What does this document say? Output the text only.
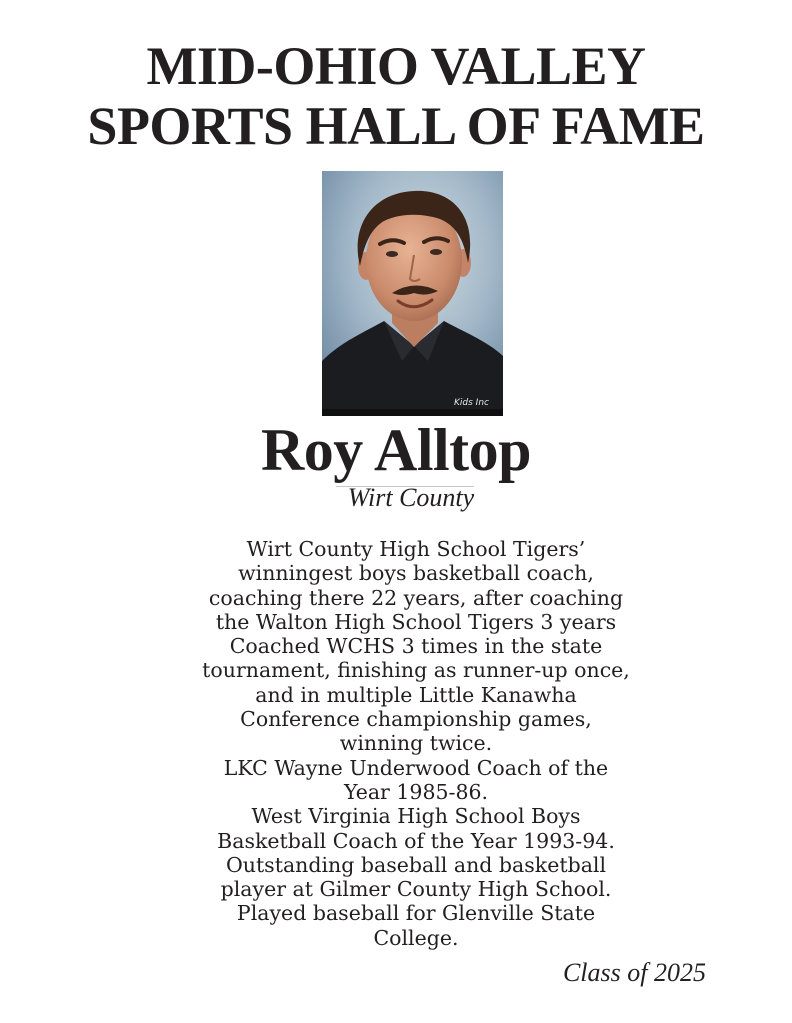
MID-OHIO VALLEY
SPORTS HALL OF FAME
Kids Inc
Roy Alltop
Wirt County
Wirt County High School Tigers’
winningest boys basketball coach,
coaching there 22 years, after coaching
the Walton High School Tigers 3 years
Coached WCHS 3 times in the state
tournament, finishing as runner-up once,
and in multiple Little Kanawha
Conference championship games,
winning twice.
LKC Wayne Underwood Coach of the
Year 1985-86.
West Virginia High School Boys
Basketball Coach of the Year 1993-94.
Outstanding baseball and basketball
player at Gilmer County High School.
Played baseball for Glenville State
College.
Class of 2025
